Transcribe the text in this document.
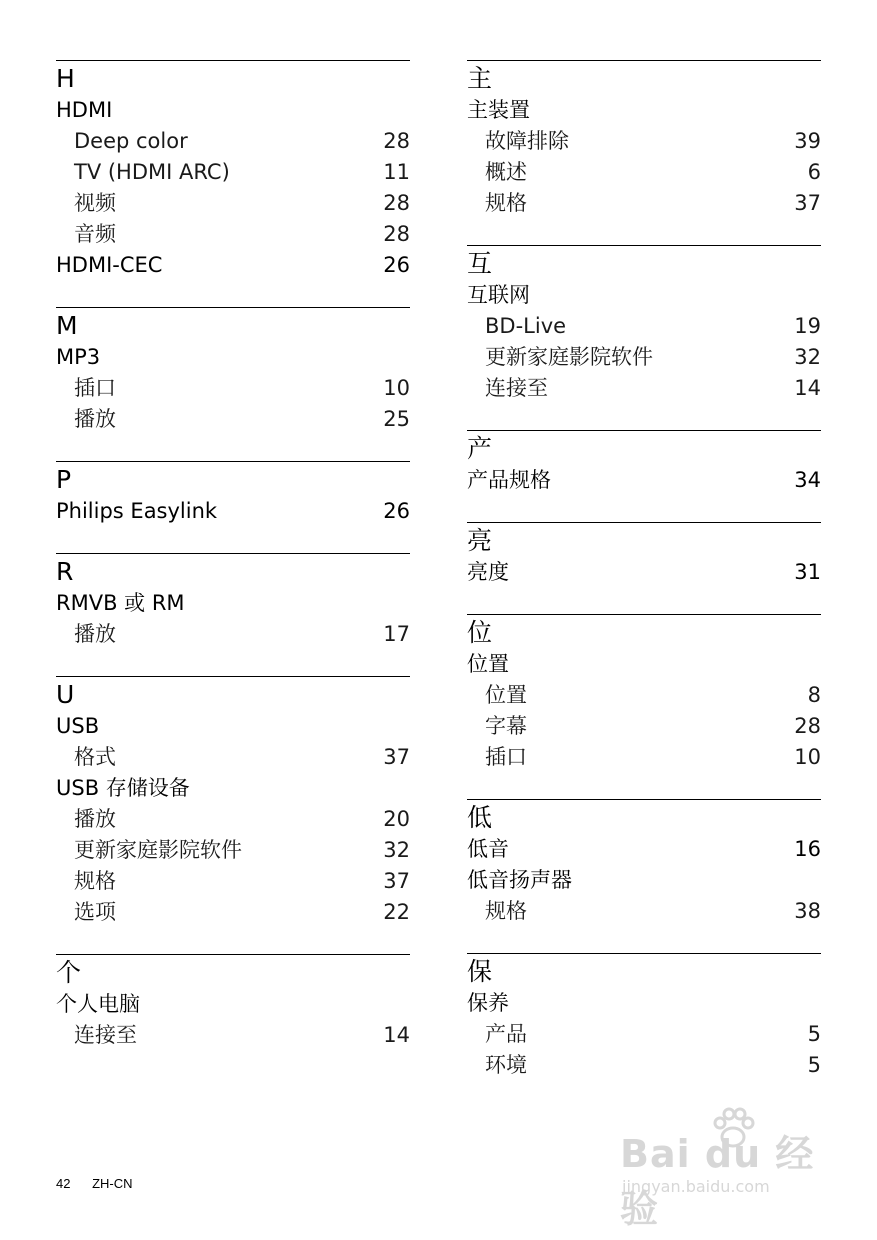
H
HDMI
Deep color	28
TV (HDMI ARC)	11
视频	28
音频	28
HDMI-CEC	26
M
MP3
插口	10
播放	25
P
Philips Easylink	26
R
RMVB 或 RM
播放	17
U
USB
格式	37
USB 存储设备
播放	20
更新家庭影院软件	32
规格	37
选项	22
个
个人电脑
连接至	14
主
主装置
故障排除	39
概述	6
规格	37
互
互联网
BD-Live	19
更新家庭影院软件	32
连接至	14
产
产品规格	34
亮
亮度	31
位
位置
位置	8
字幕	28
插口	10
低
低音	16
低音扬声器
规格	38
保
保养
产品	5
环境	5
42 ZH-CN
Bai du 经验
jingyan.baidu.com
